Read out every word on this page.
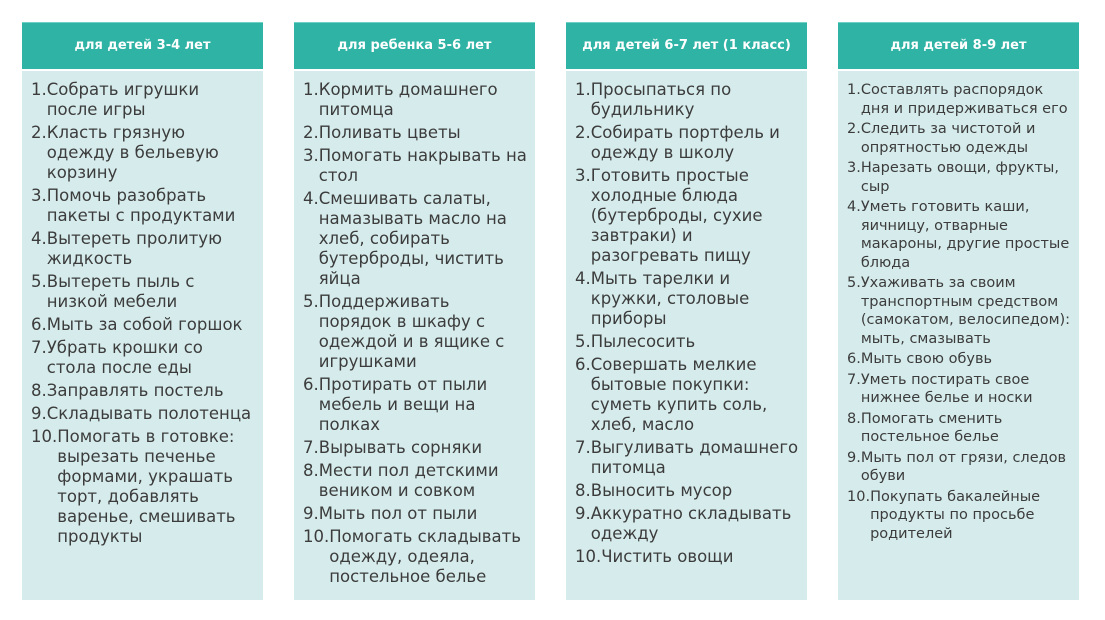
для детей 3-4 лет
1. Собрать игрушки после игры
2. Класть грязную одежду в бельевую корзину
3. Помочь разобрать пакеты с продуктами
4. Вытереть пролитую жидкость
5. Вытереть пыль с низкой мебели
6. Мыть за собой горшок
7. Убрать крошки со стола после еды
8. Заправлять постель
9. Складывать полотенца
10. Помогать в готовке: вырезать печенье формами, украшать торт, добавлять варенье, смешивать продукты
для ребенка 5-6 лет
1. Кормить домашнего питомца
2. Поливать цветы
3. Помогать накрывать на стол
4. Смешивать салаты, намазывать масло на хлеб, собирать бутерброды, чистить яйца
5. Поддерживать порядок в шкафу с одеждой и в ящике с игрушками
6. Протирать от пыли мебель и вещи на полках
7. Вырывать сорняки
8. Мести пол детскими веником и совком
9. Мыть пол от пыли
10. Помогать складывать одежду, одеяла, постельное белье
для детей 6-7 лет (1 класс)
1. Просыпаться по будильнику
2. Собирать портфель и одежду в школу
3. Готовить простые холодные блюда (бутерброды, сухие завтраки) и разогревать пищу
4. Мыть тарелки и кружки, столовые приборы
5. Пылесосить
6. Совершать мелкие бытовые покупки: суметь купить соль, хлеб, масло
7. Выгуливать домашнего питомца
8. Выносить мусор
9. Аккуратно складывать одежду
10. Чистить овощи
для детей 8-9 лет
1. Составлять распорядок дня и придерживаться его
2. Следить за чистотой и опрятностью одежды
3. Нарезать овощи, фрукты, сыр
4. Уметь готовить каши, яичницу, отварные макароны, другие простые блюда
5. Ухаживать за своим транспортным средством (самокатом, велосипедом): мыть, смазывать
6. Мыть свою обувь
7. Уметь постирать свое нижнее белье и носки
8. Помогать сменить постельное белье
9. Мыть пол от грязи, следов обуви
10. Покупать бакалейные продукты по просьбе родителей
